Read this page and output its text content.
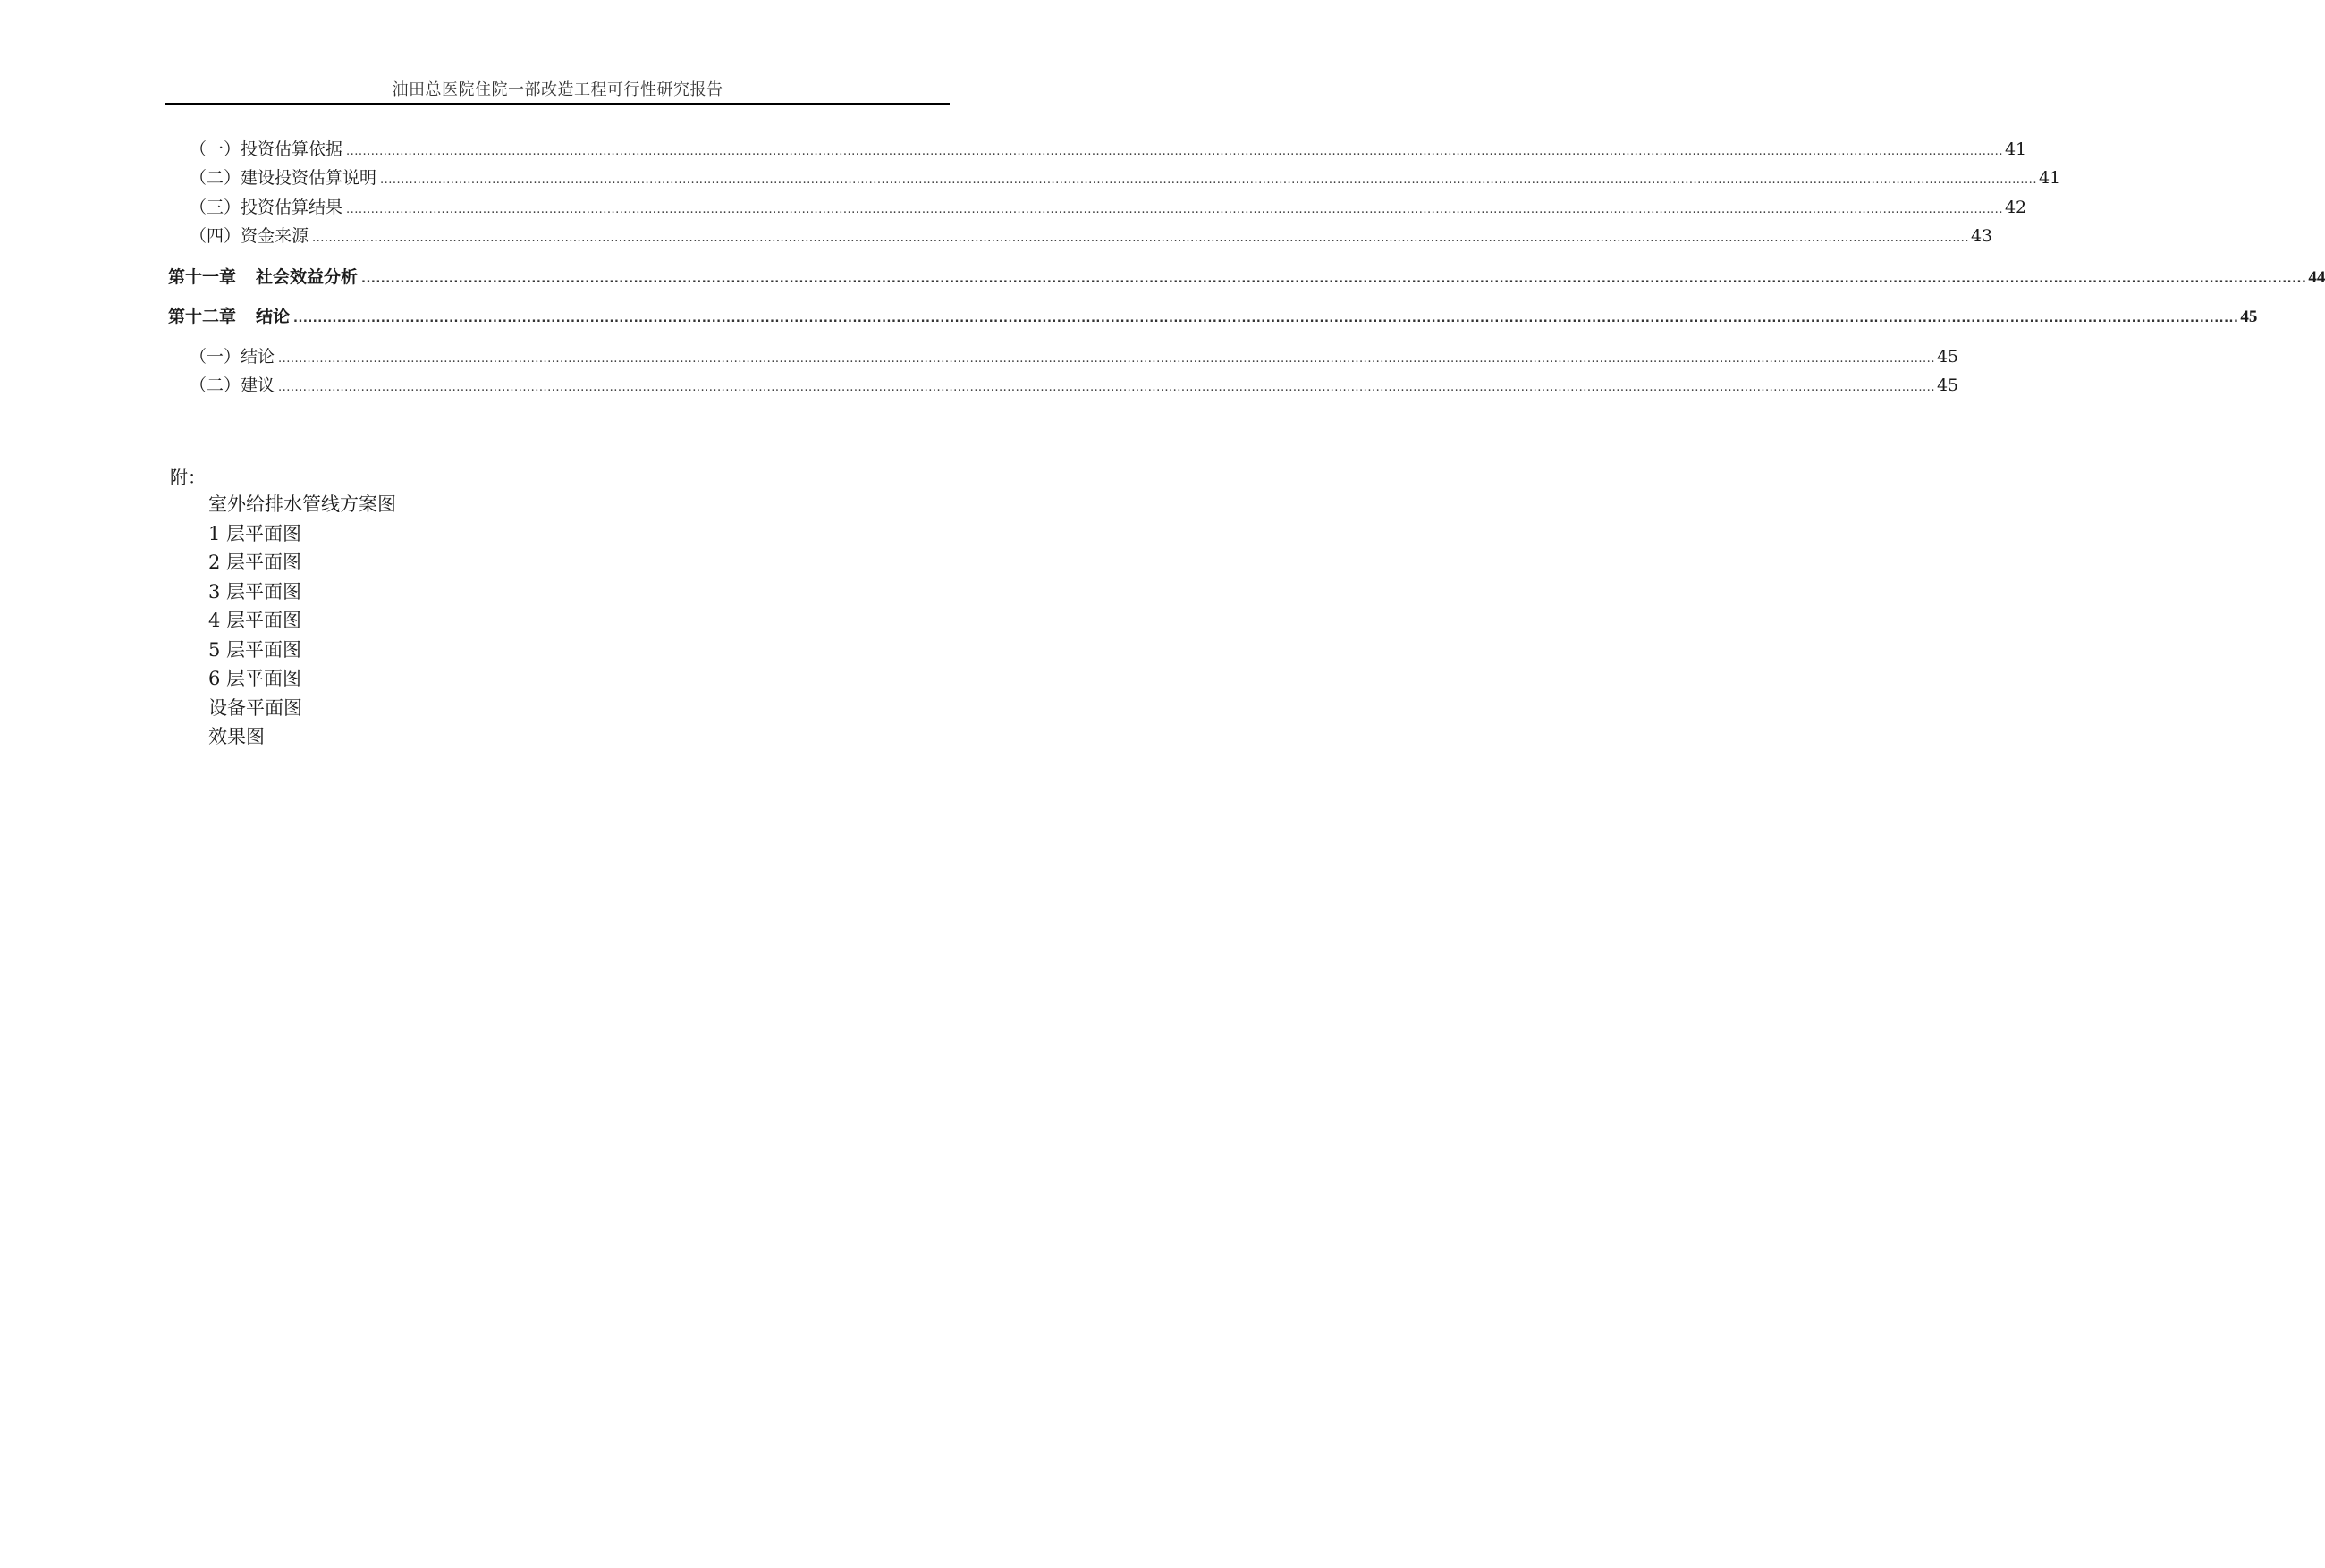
油田总医院住院一部改造工程可行性研究报告
（一）投资估算依据 ................................................................................................................................................................................................................................................................................................................................................................................................................ 41
（二）建设投资估算说明 ................................................................................................................................................................................................................................................................................................................................................................................................................ 41
（三）投资估算结果 ................................................................................................................................................................................................................................................................................................................................................................................................................ 42
（四）资金来源 ................................................................................................................................................................................................................................................................................................................................................................................................................ 43
第十一章 社会效益分析 ................................................................................................................................................................................................................................................................................................................................................................................................................ 44
第十二章 结论 ................................................................................................................................................................................................................................................................................................................................................................................................................ 45
（一）结论 ................................................................................................................................................................................................................................................................................................................................................................................................................ 45
（二）建议 ................................................................................................................................................................................................................................................................................................................................................................................................................ 45
附：
室外给排水管线方案图
1 层平面图
2 层平面图
3 层平面图
4 层平面图
5 层平面图
6 层平面图
设备平面图
效果图
